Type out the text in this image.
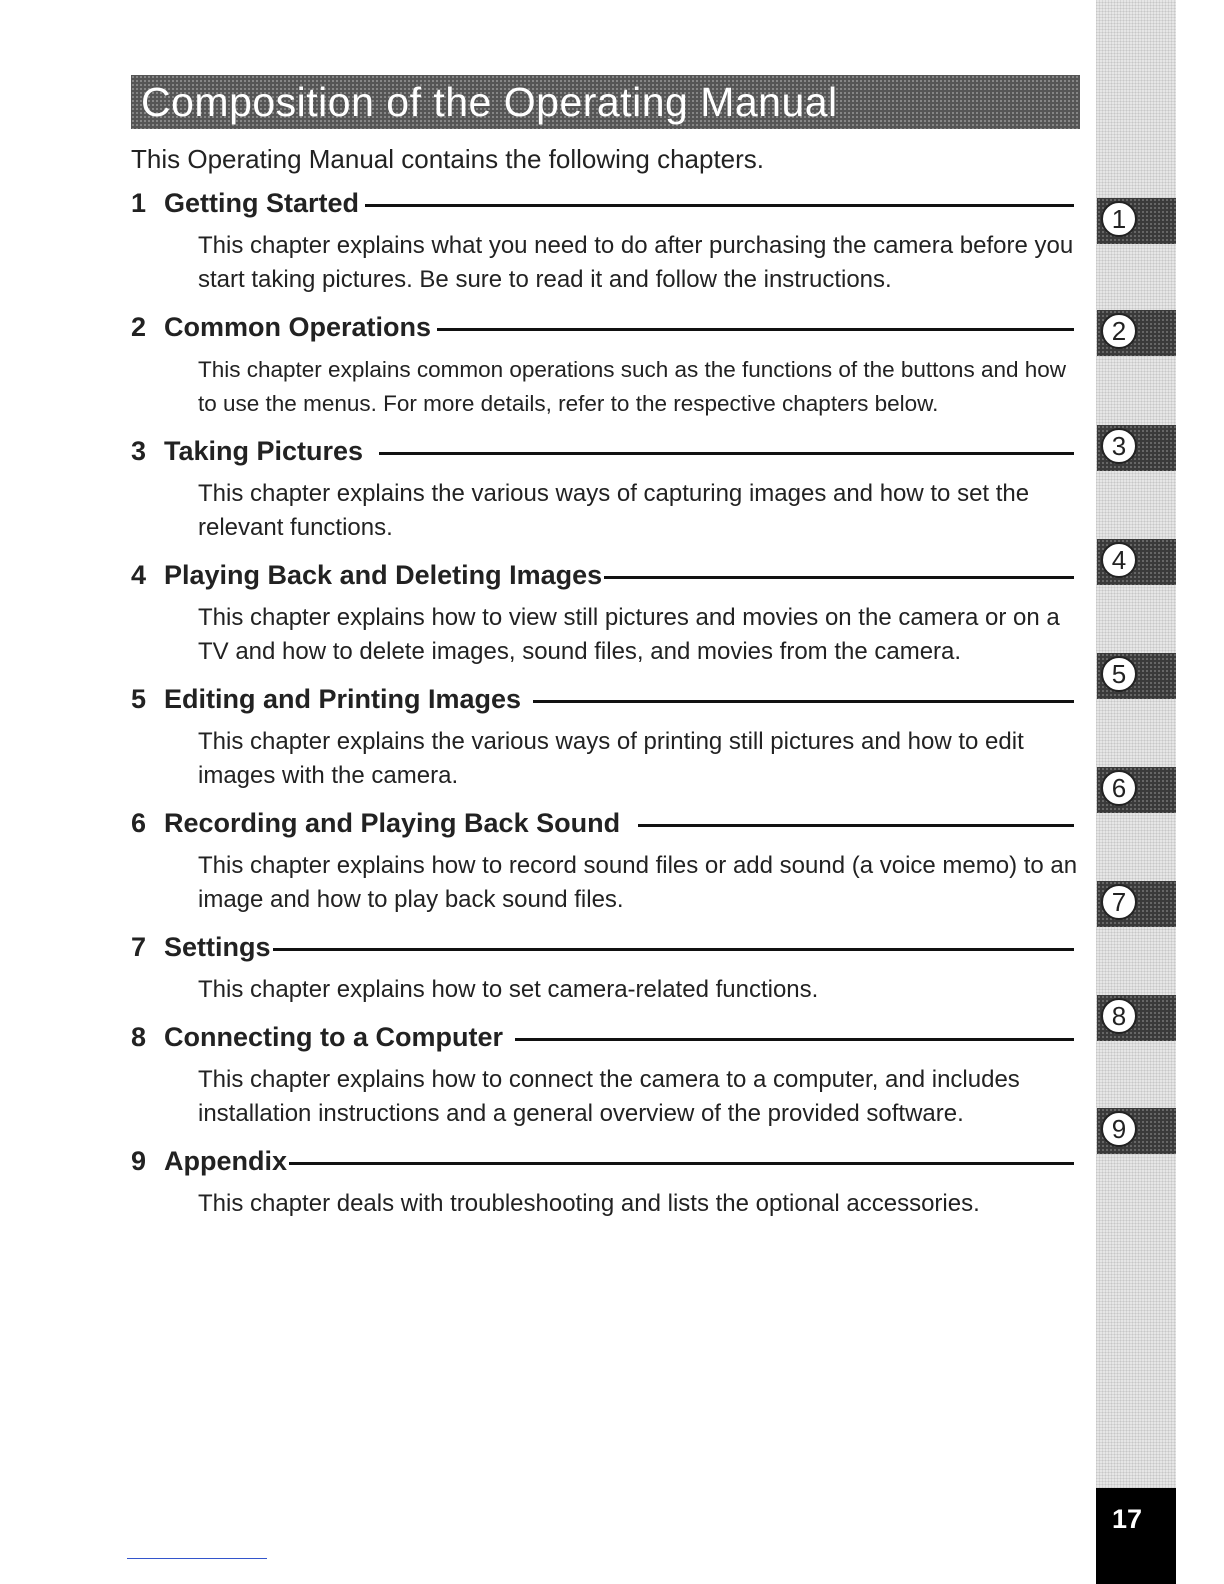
Composition of the Operating Manual
This Operating Manual contains the following chapters.
1 Getting Started
This chapter explains what you need to do after purchasing the camera before you start taking pictures. Be sure to read it and follow the instructions.
2 Common Operations
This chapter explains common operations such as the functions of the buttons and how to use the menus. For more details, refer to the respective chapters below.
3 Taking Pictures
This chapter explains the various ways of capturing images and how to set the relevant functions.
4 Playing Back and Deleting Images
This chapter explains how to view still pictures and movies on the camera or on a TV and how to delete images, sound files, and movies from the camera.
5 Editing and Printing Images
This chapter explains the various ways of printing still pictures and how to edit images with the camera.
6 Recording and Playing Back Sound
This chapter explains how to record sound files or add sound (a voice memo) to an image and how to play back sound files.
7 Settings
This chapter explains how to set camera-related functions.
8 Connecting to a Computer
This chapter explains how to connect the camera to a computer, and includes installation instructions and a general overview of the provided software.
9 Appendix
This chapter deals with troubleshooting and lists the optional accessories.
1
2
3
4
5
6
7
8
9
17
